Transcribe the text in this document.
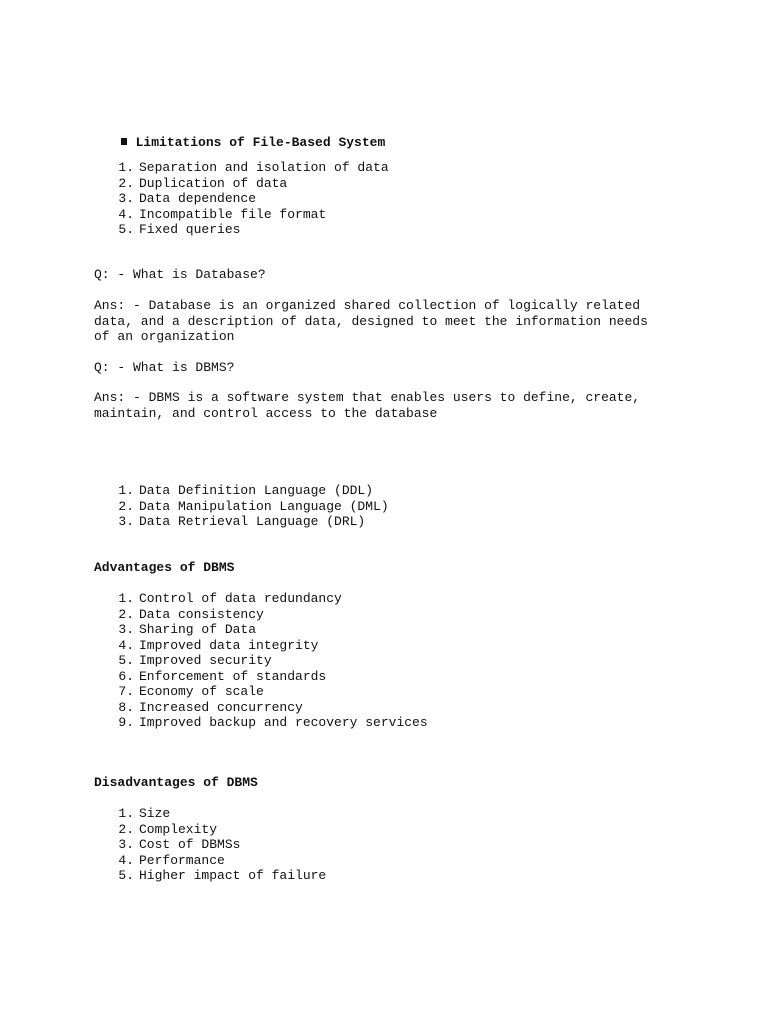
Limitations of File-Based System

1. Separation and isolation of data
2. Duplication of data
3. Data dependence
4. Incompatible file format
5. Fixed queries
Q: - What is Database?
Ans: - Database is an organized shared collection of logically related
data, and a description of data, designed to meet the information needs
of an organization
Q: - What is DBMS?
Ans: - DBMS is a software system that enables users to define, create,
maintain, and control access to the database
1. Data Definition Language (DDL)
2. Data Manipulation Language (DML)
3. Data Retrieval Language (DRL)
Advantages of DBMS
1. Control of data redundancy
2. Data consistency
3. Sharing of Data
4. Improved data integrity
5. Improved security
6. Enforcement of standards
7. Economy of scale
8. Increased concurrency
9. Improved backup and recovery services
Disadvantages of DBMS
1. Size
2. Complexity
3. Cost of DBMSs
4. Performance
5. Higher impact of failure
